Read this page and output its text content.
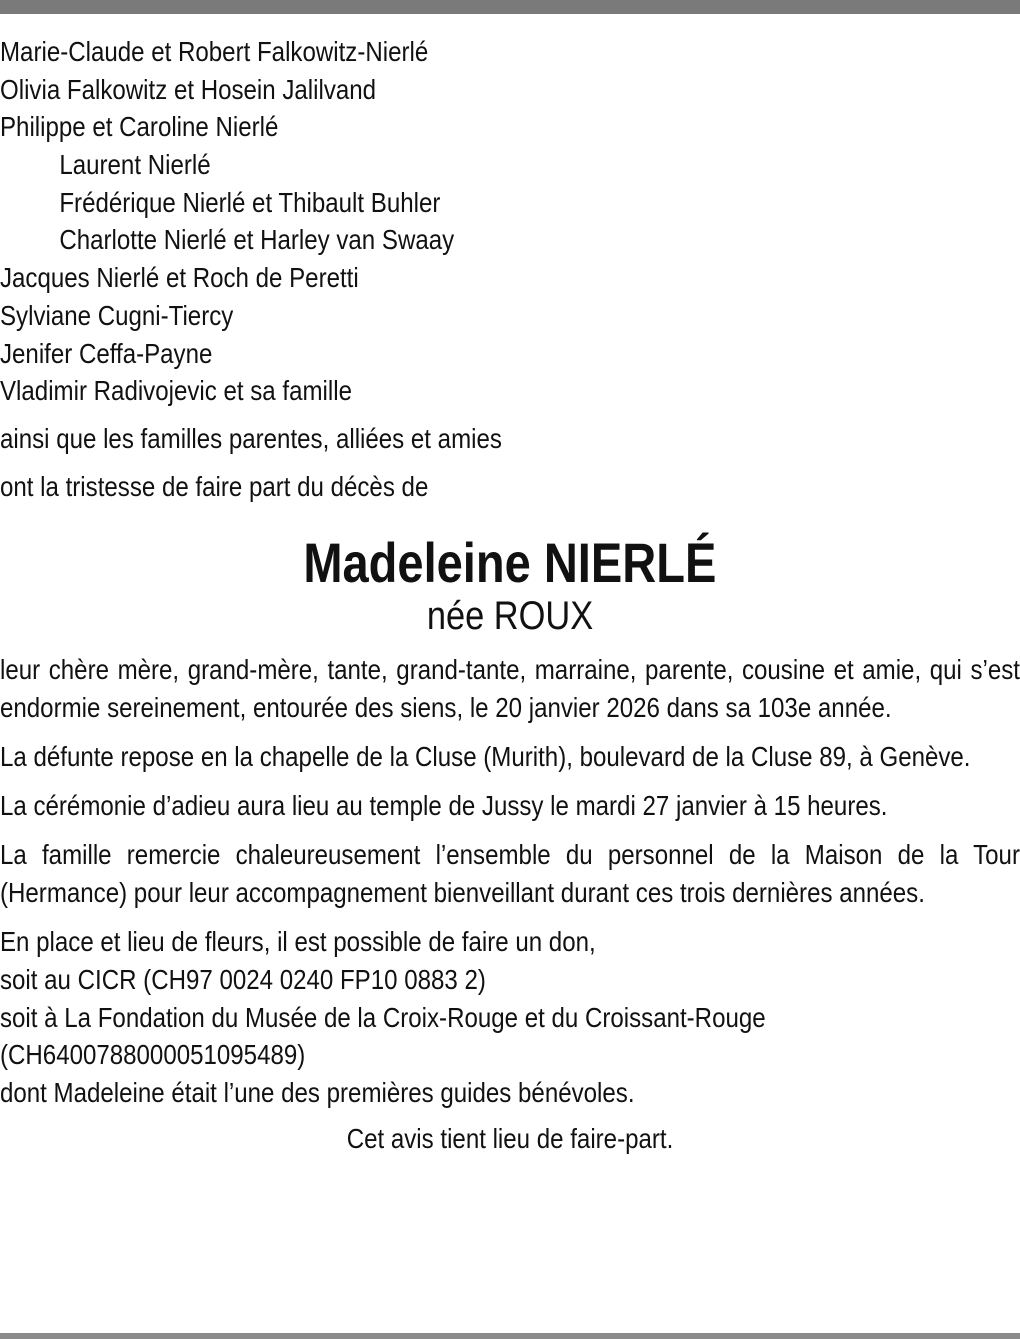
Marie-Claude et Robert Falkowitz-Nierlé
Olivia Falkowitz et Hosein Jalilvand
Philippe et Caroline Nierlé
Laurent Nierlé
Frédérique Nierlé et Thibault Buhler
Charlotte Nierlé et Harley van Swaay
Jacques Nierlé et Roch de Peretti
Sylviane Cugni-Tiercy
Jenifer Ceffa-Payne
Vladimir Radivojevic et sa famille
ainsi que les familles parentes, alliées et amies
ont la tristesse de faire part du décès de
Madeleine NIERLÉ
née ROUX
leur chère mère, grand-mère, tante, grand-tante, marraine, parente, cousine et amie, qui s’est endormie sereinement, entourée des siens, le 20 janvier 2026 dans sa 103e année.
La défunte repose en la chapelle de la Cluse (Murith), boulevard de la Cluse 89, à Genève.
La cérémonie d’adieu aura lieu au temple de Jussy le mardi 27 janvier à 15 heures.
La famille remercie chaleureusement l’ensemble du personnel de la Maison de la Tour (Hermance) pour leur accompagnement bienveillant durant ces trois dernières années.
En place et lieu de fleurs, il est possible de faire un don,
soit au CICR (CH97 0024 0240 FP10 0883 2)
soit à La Fondation du Musée de la Croix-Rouge et du Croissant-Rouge
(CH6400788000051095489)
dont Madeleine était l’une des premières guides bénévoles.
Cet avis tient lieu de faire-part.
